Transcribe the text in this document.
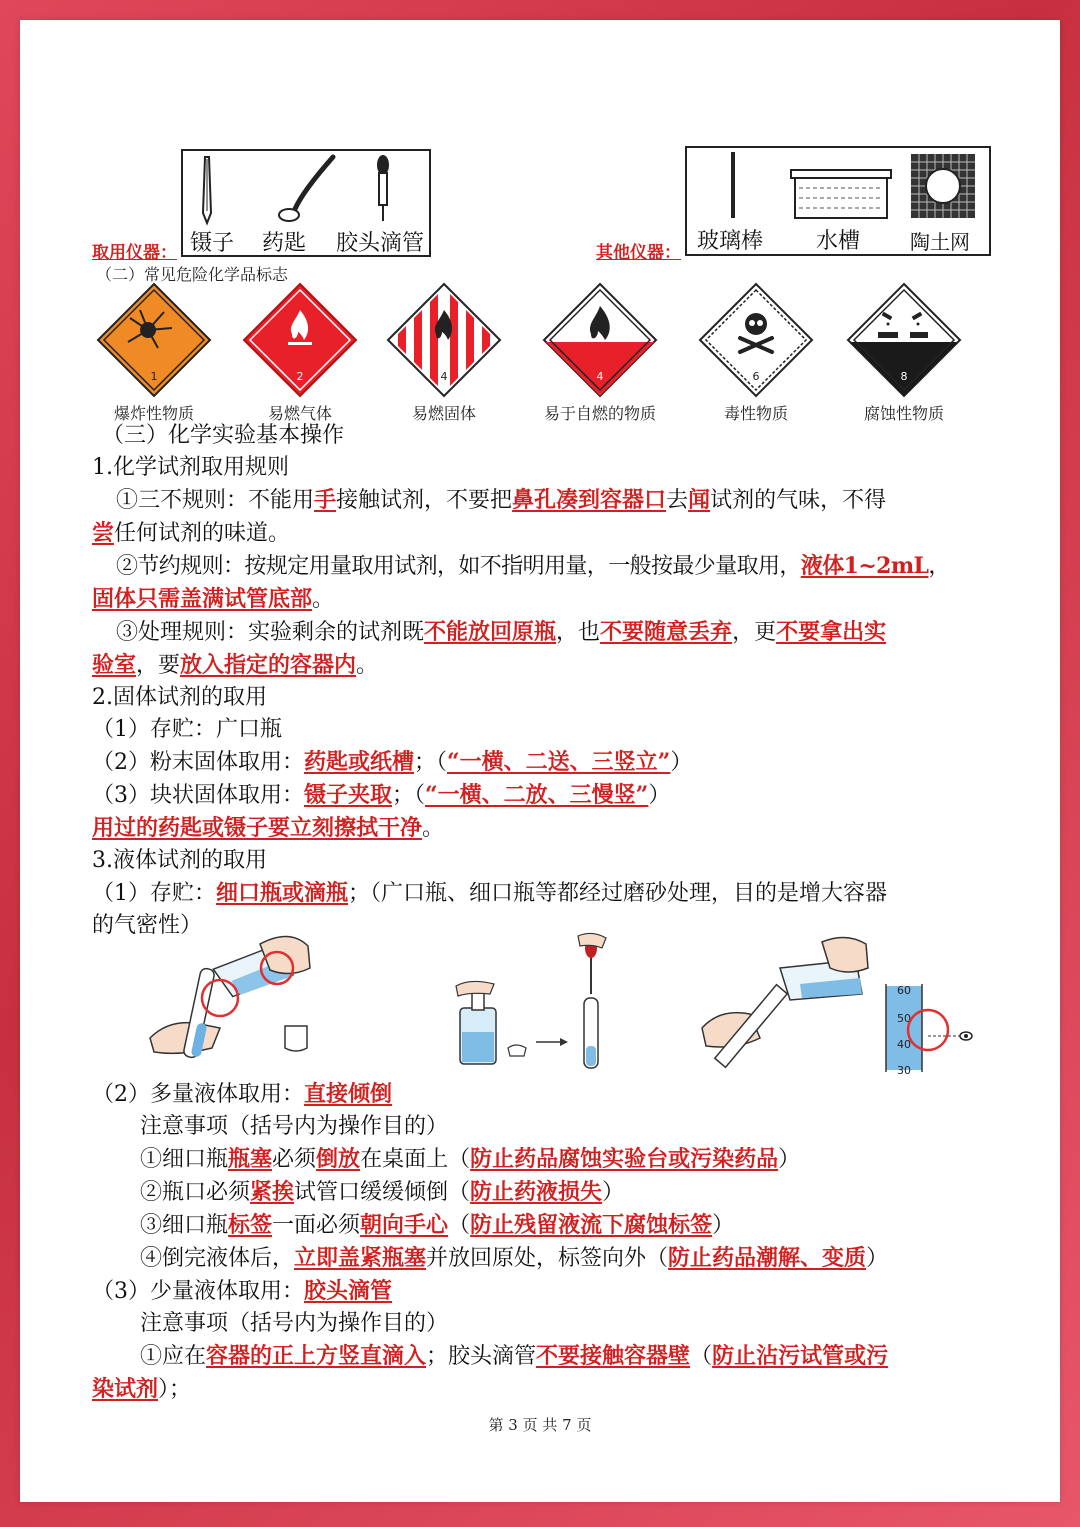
取用仪器： 镊子 药匙 胶头滴管	其他仪器： 玻璃棒 水槽 陶土网
（二）常见危险化学品标志
1	2	4	4	6	8
爆炸性物质	易燃气体	易燃固体	易于自燃的物质	毒性物质	腐蚀性物质
（三）化学实验基本操作
1.化学试剂取用规则
①三不规则：不能用手接触试剂，不要把鼻孔凑到容器口去闻试剂的气味，不得
尝任何试剂的味道。
②节约规则：按规定用量取用试剂，如不指明用量，一般按最少量取用，液体1~2mL，
固体只需盖满试管底部。
③处理规则：实验剩余的试剂既不能放回原瓶，也不要随意丢弃，更不要拿出实
验室，要放入指定的容器内。
2.固体试剂的取用
（1）存贮：广口瓶
（2）粉末固体取用：药匙或纸槽；（“一横、二送、三竖立”）
（3）块状固体取用：镊子夹取；（“一横、二放、三慢竖”）
用过的药匙或镊子要立刻擦拭干净。
3.液体试剂的取用
（1）存贮：细口瓶或滴瓶；（广口瓶、细口瓶等都经过磨砂处理，目的是增大容器
的气密性）
60
50
40
30
（2）多量液体取用：直接倾倒
注意事项（括号内为操作目的）
①细口瓶瓶塞必须倒放在桌面上（防止药品腐蚀实验台或污染药品）
②瓶口必须紧挨试管口缓缓倾倒（防止药液损失）
③细口瓶标签一面必须朝向手心（防止残留液流下腐蚀标签）
④倒完液体后，立即盖紧瓶塞并放回原处，标签向外（防止药品潮解、变质）
（3）少量液体取用：胶头滴管
注意事项（括号内为操作目的）
①应在容器的正上方竖直滴入；胶头滴管不要接触容器壁（防止沾污试管或污
染试剂）；
第 3 页 共 7 页
